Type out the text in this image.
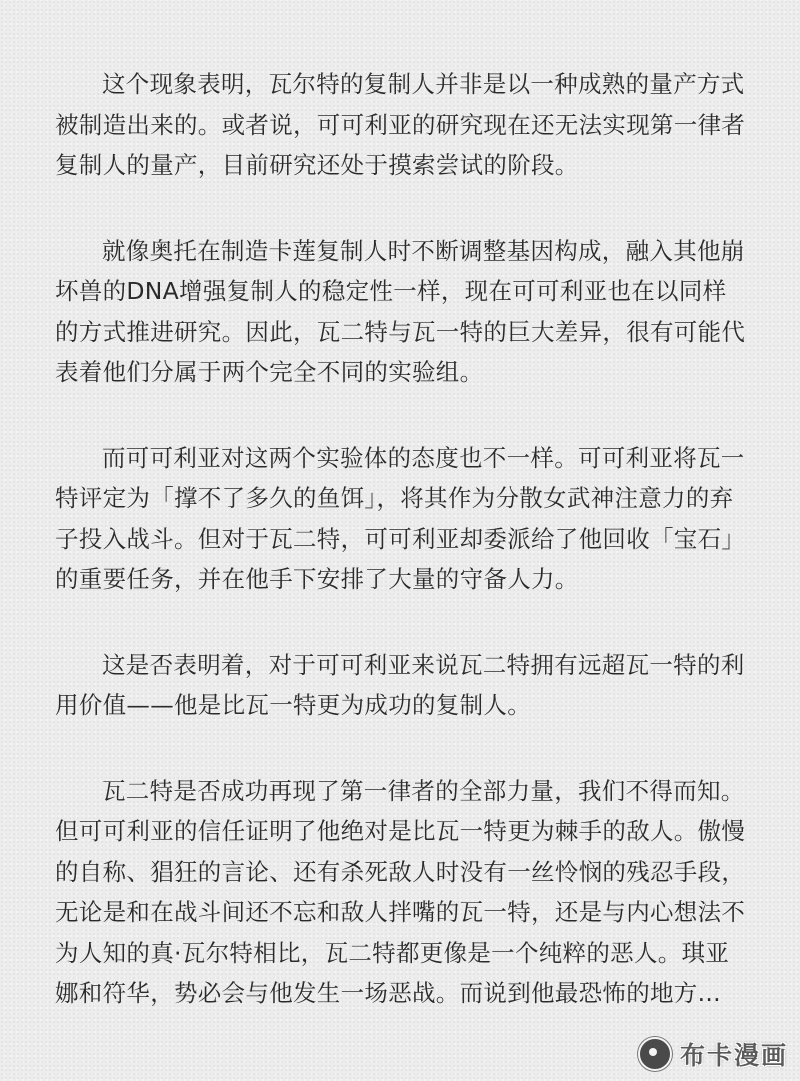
这个现象表明，瓦尔特的复制人并非是以一种成熟的量产方式
被制造出来的。或者说，可可利亚的研究现在还无法实现第一律者
复制人的量产，目前研究还处于摸索尝试的阶段。

就像奥托在制造卡莲复制人时不断调整基因构成，融入其他崩
坏兽的DNA增强复制人的稳定性一样，现在可可利亚也在以同样
的方式推进研究。因此，瓦二特与瓦一特的巨大差异，很有可能代
表着他们分属于两个完全不同的实验组。

而可可利亚对这两个实验体的态度也不一样。可可利亚将瓦一
特评定为「撑不了多久的鱼饵」，将其作为分散女武神注意力的弃
子投入战斗。但对于瓦二特，可可利亚却委派给了他回收「宝石」
的重要任务，并在他手下安排了大量的守备人力。

这是否表明着，对于可可利亚来说瓦二特拥有远超瓦一特的利
用价值——他是比瓦一特更为成功的复制人。

瓦二特是否成功再现了第一律者的全部力量，我们不得而知。
但可可利亚的信任证明了他绝对是比瓦一特更为棘手的敌人。傲慢
的自称、猖狂的言论、还有杀死敌人时没有一丝怜悯的残忍手段，
无论是和在战斗间还不忘和敌人拌嘴的瓦一特，还是与内心想法不
为人知的真·瓦尔特相比，瓦二特都更像是一个纯粹的恶人。琪亚
娜和符华，势必会与他发生一场恶战。而说到他最恐怖的地方...

布卡漫画
